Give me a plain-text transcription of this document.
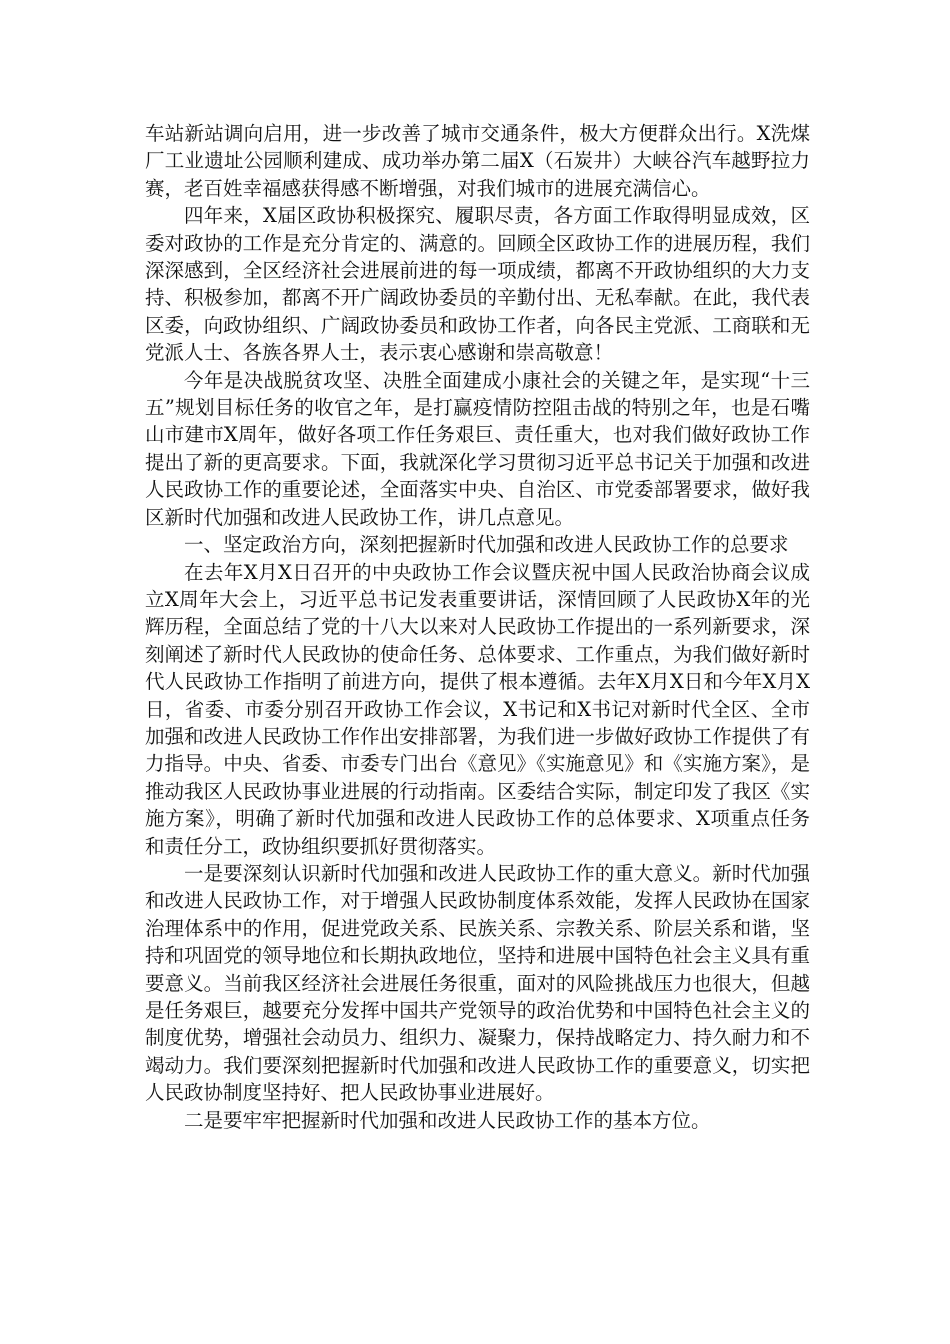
车站新站调向启用，进一步改善了城市交通条件，极大方便群众出行。X洗煤厂工业遗址公园顺利建成、成功举办第二届X（石炭井）大峡谷汽车越野拉力赛，老百姓幸福感获得感不断增强，对我们城市的进展充满信心。

四年来，X届区政协积极探究、履职尽责，各方面工作取得明显成效，区委对政协的工作是充分肯定的、满意的。回顾全区政协工作的进展历程，我们深深感到，全区经济社会进展前进的每一项成绩，都离不开政协组织的大力支持、积极参加，都离不开广阔政协委员的辛勤付出、无私奉献。在此，我代表区委，向政协组织、广阔政协委员和政协工作者，向各民主党派、工商联和无党派人士、各族各界人士，表示衷心感谢和崇高敬意！

今年是决战脱贫攻坚、决胜全面建成小康社会的关键之年，是实现“十三五”规划目标任务的收官之年，是打赢疫情防控阻击战的特别之年，也是石嘴山市建市X周年，做好各项工作任务艰巨、责任重大，也对我们做好政协工作提出了新的更高要求。下面，我就深化学习贯彻习近平总书记关于加强和改进人民政协工作的重要论述，全面落实中央、自治区、市党委部署要求，做好我区新时代加强和改进人民政协工作，讲几点意见。

一、坚定政治方向，深刻把握新时代加强和改进人民政协工作的总要求

在去年X月X日召开的中央政协工作会议暨庆祝中国人民政治协商会议成立X周年大会上，习近平总书记发表重要讲话，深情回顾了人民政协X年的光辉历程，全面总结了党的十八大以来对人民政协工作提出的一系列新要求，深刻阐述了新时代人民政协的使命任务、总体要求、工作重点，为我们做好新时代人民政协工作指明了前进方向，提供了根本遵循。去年X月X日和今年X月X日，省委、市委分别召开政协工作会议，X书记和X书记对新时代全区、全市加强和改进人民政协工作作出安排部署，为我们进一步做好政协工作提供了有力指导。中央、省委、市委专门出台《意见》《实施意见》和《实施方案》，是推动我区人民政协事业进展的行动指南。区委结合实际，制定印发了我区《实施方案》，明确了新时代加强和改进人民政协工作的总体要求、X项重点任务和责任分工，政协组织要抓好贯彻落实。

一是要深刻认识新时代加强和改进人民政协工作的重大意义。新时代加强和改进人民政协工作，对于增强人民政协制度体系效能，发挥人民政协在国家治理体系中的作用，促进党政关系、民族关系、宗教关系、阶层关系和谐，坚持和巩固党的领导地位和长期执政地位，坚持和进展中国特色社会主义具有重要意义。当前我区经济社会进展任务很重，面对的风险挑战压力也很大，但越是任务艰巨，越要充分发挥中国共产党领导的政治优势和中国特色社会主义的制度优势，增强社会动员力、组织力、凝聚力，保持战略定力、持久耐力和不竭动力。我们要深刻把握新时代加强和改进人民政协工作的重要意义，切实把人民政协制度坚持好、把人民政协事业进展好。

二是要牢牢把握新时代加强和改进人民政协工作的基本方位。
